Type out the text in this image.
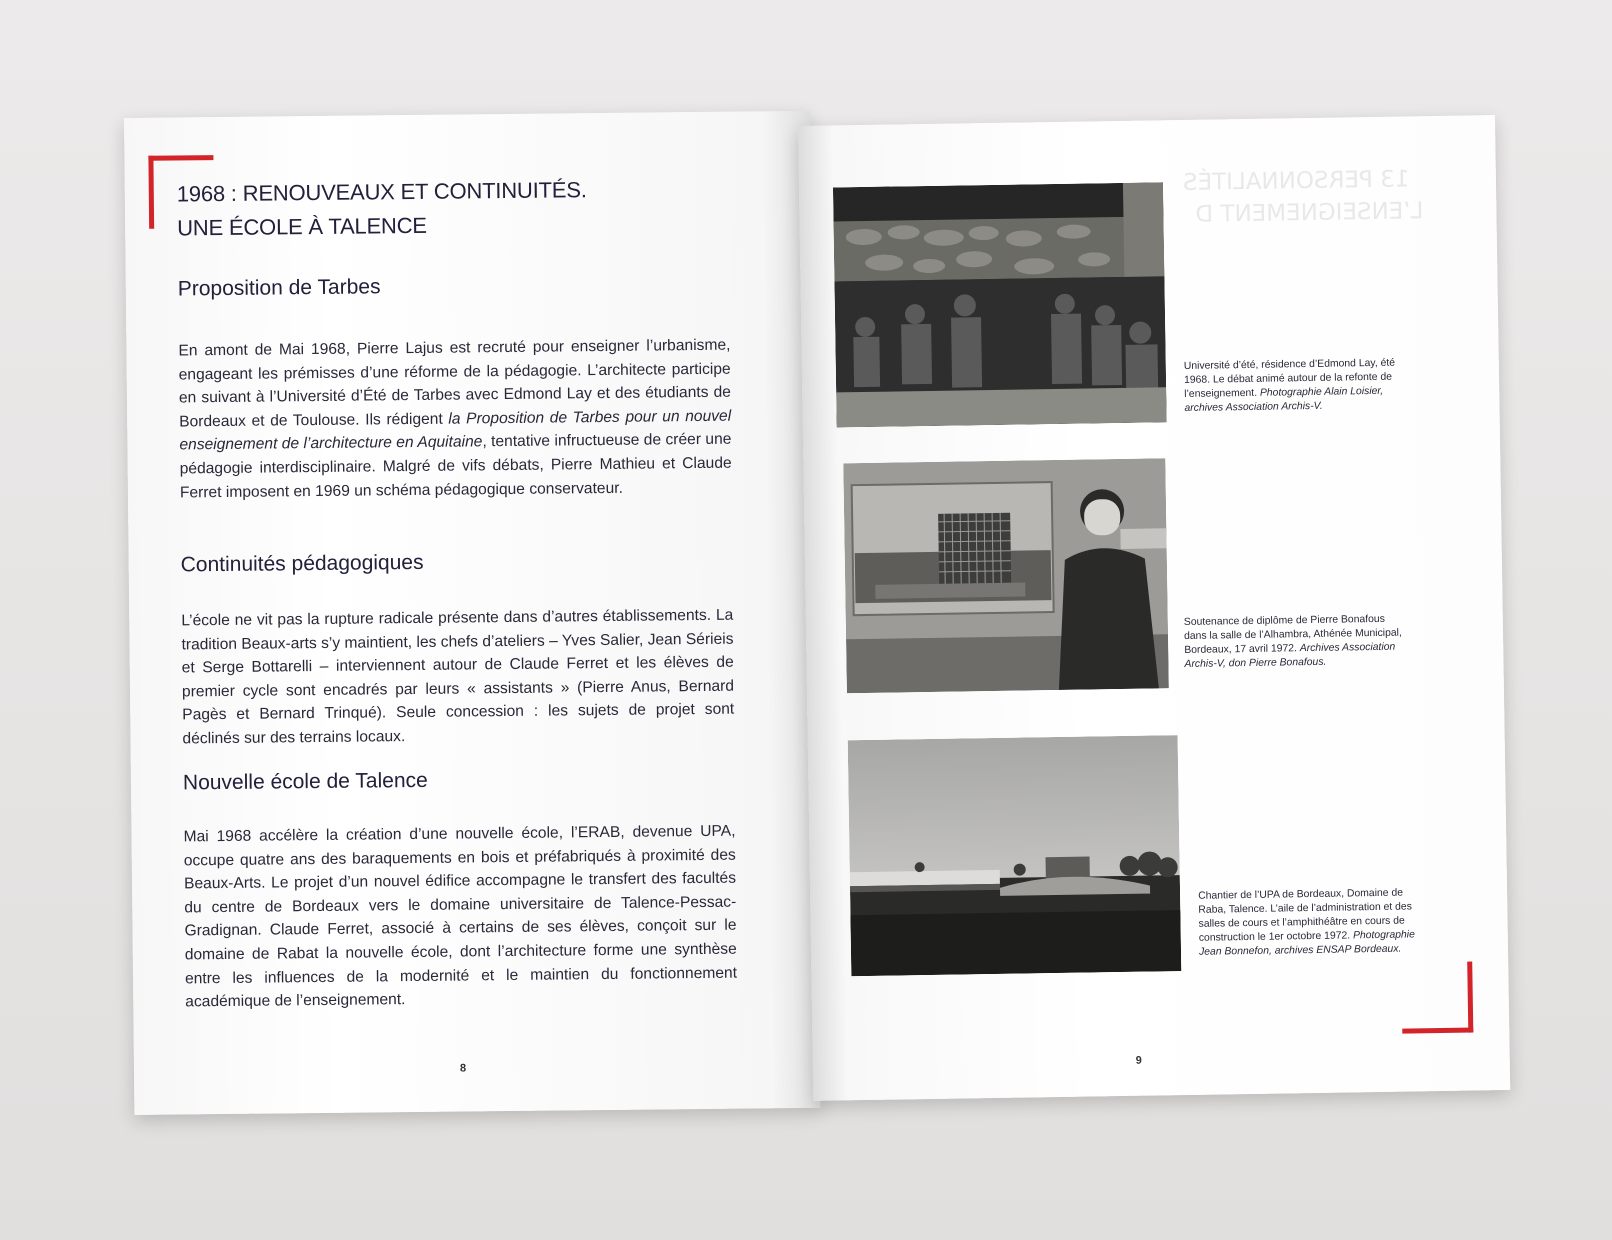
1968 : RENOUVEAUX ET CONTINUITÉS.
UNE ÉCOLE À TALENCE
Proposition de Tarbes
En amont de Mai 1968, Pierre Lajus est recruté pour enseigner l’urbanisme, engageant les prémisses d’une réforme de la pédagogie. L’architecte participe en suivant à l’Université d’Été de Tarbes avec Edmond Lay et des étudiants de Bordeaux et de Toulouse. Ils rédigent la Proposition de Tarbes pour un nouvel enseignement de l’architecture en Aquitaine, tentative infructueuse de créer une pédagogie interdisciplinaire. Malgré de vifs débats, Pierre Mathieu et Claude Ferret imposent en 1969 un schéma pédagogique conservateur.
Continuités pédagogiques
L’école ne vit pas la rupture radicale présente dans d’autres établissements. La tradition Beaux-arts s’y maintient, les chefs d’ateliers – Yves Salier, Jean Sérieis et Serge Bottarelli – interviennent autour de Claude Ferret et les élèves de premier cycle sont encadrés par leurs « assistants » (Pierre Anus, Bernard Pagès et Bernard Trinqué). Seule concession : les sujets de projet sont déclinés sur des terrains locaux.
Nouvelle école de Talence
Mai 1968 accélère la création d’une nouvelle école, l’ERAB, devenue UPA, occupe quatre ans des baraquements en bois et préfabriqués à proximité des Beaux-Arts. Le projet d’un nouvel édifice accompagne le transfert des facultés du centre de Bordeaux vers le domaine universitaire de Talence-Pessac-Gradignan. Claude Ferret, associé à certains de ses élèves, conçoit sur le domaine de Rabat la nouvelle école, dont l’architecture forme une synthèse entre les influences de la modernité et le maintien du fonctionnement académique de l’enseignement.
8
13 PERSONNALITÉS
L’ENSEIGNEMENT D
Université d’été, résidence d’Edmond Lay, été 1968. Le débat animé autour de la refonte de l’enseignement. Photographie Alain Loisier, archives Association Archis-V.
Soutenance de diplôme de Pierre Bonafous dans la salle de l’Alhambra, Athénée Municipal, Bordeaux, 17 avril 1972. Archives Association Archis-V, don Pierre Bonafous.
Chantier de l’UPA de Bordeaux, Domaine de Raba, Talence. L’aile de l’administration et des salles de cours et l’amphithéâtre en cours de construction le 1er octobre 1972. Photographie Jean Bonnefon, archives ENSAP Bordeaux.
9
